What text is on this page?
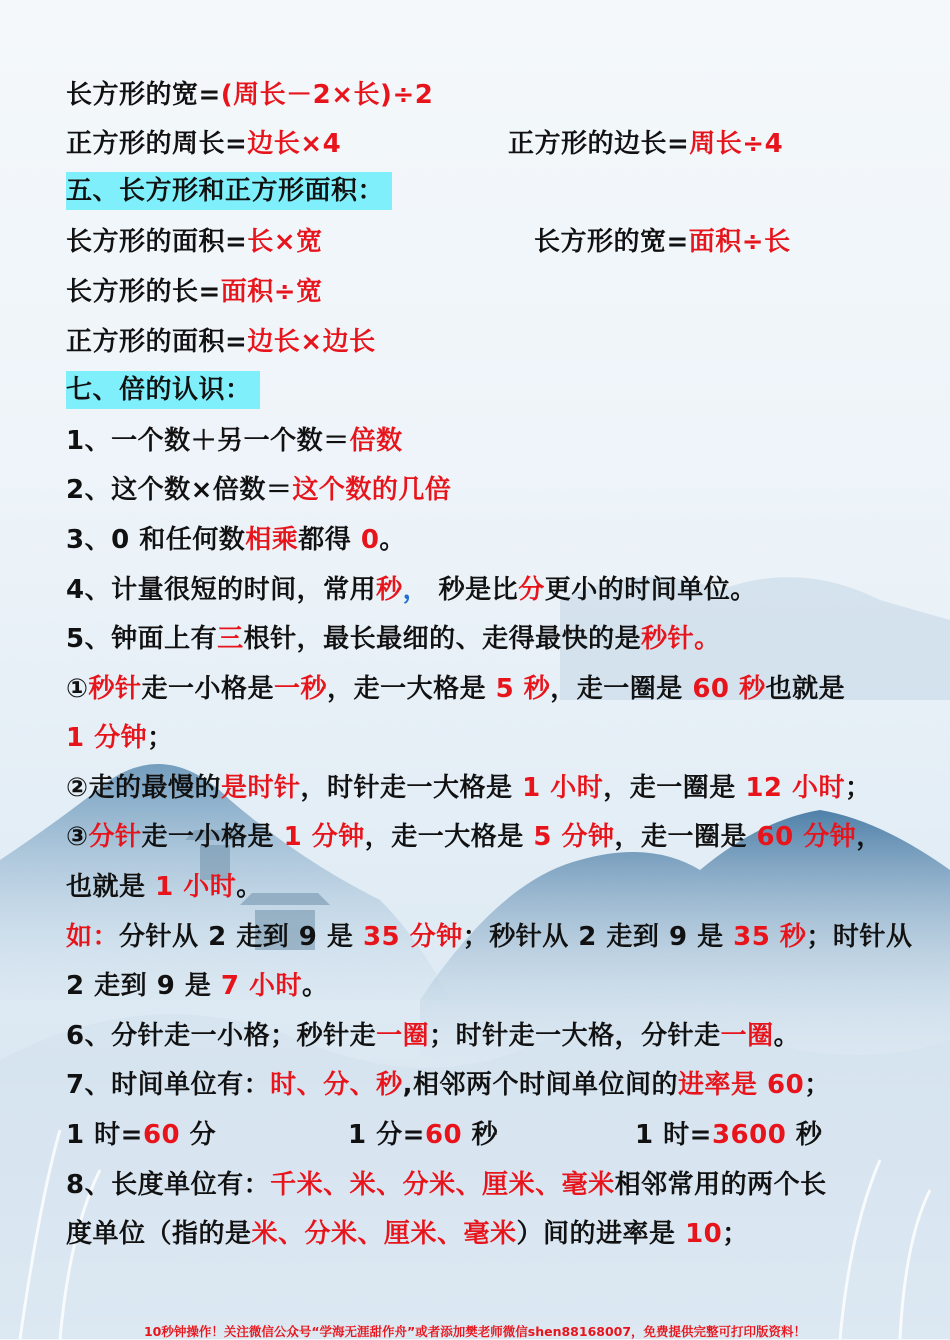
长方形的宽=(周长－2×长)÷2
正方形的周长=边长×4	正方形的边长=周长÷4
五、长方形和正方形面积：
长方形的面积=长×宽	长方形的宽=面积÷长
长方形的长=面积÷宽
正方形的面积=边长×边长
七、倍的认识：
1、一个数＋另一个数＝倍数
2、这个数×倍数＝这个数的几倍
3、0 和任何数相乘都得 0。
4、计量很短的时间，常用秒， 秒是比分更小的时间单位。
5、钟面上有三根针，最长最细的、走得最快的是秒针。
①秒针走一小格是一秒，走一大格是 5 秒，走一圈是 60 秒也就是
1 分钟；
②走的最慢的是时针，时针走一大格是 1 小时，走一圈是 12 小时；
③分针走一小格是 1 分钟，走一大格是 5 分钟，走一圈是 60 分钟，
也就是 1 小时。
如：分针从 2 走到 9 是 35 分钟；秒针从 2 走到 9 是 35 秒；时针从
2 走到 9 是 7 小时。
6、分针走一小格；秒针走一圈；时针走一大格，分针走一圈。
7、时间单位有：时、分、秒,相邻两个时间单位间的进率是 60；
1 时=60 分	1 分=60 秒	1 时=3600 秒
8、长度单位有：千米、米、分米、厘米、毫米相邻常用的两个长
度单位（指的是米、分米、厘米、毫米）间的进率是 10；
10秒钟操作！关注微信公众号“学海无涯甜作舟”或者添加樊老师微信shen88168007，免费提供完整可打印版资料！
